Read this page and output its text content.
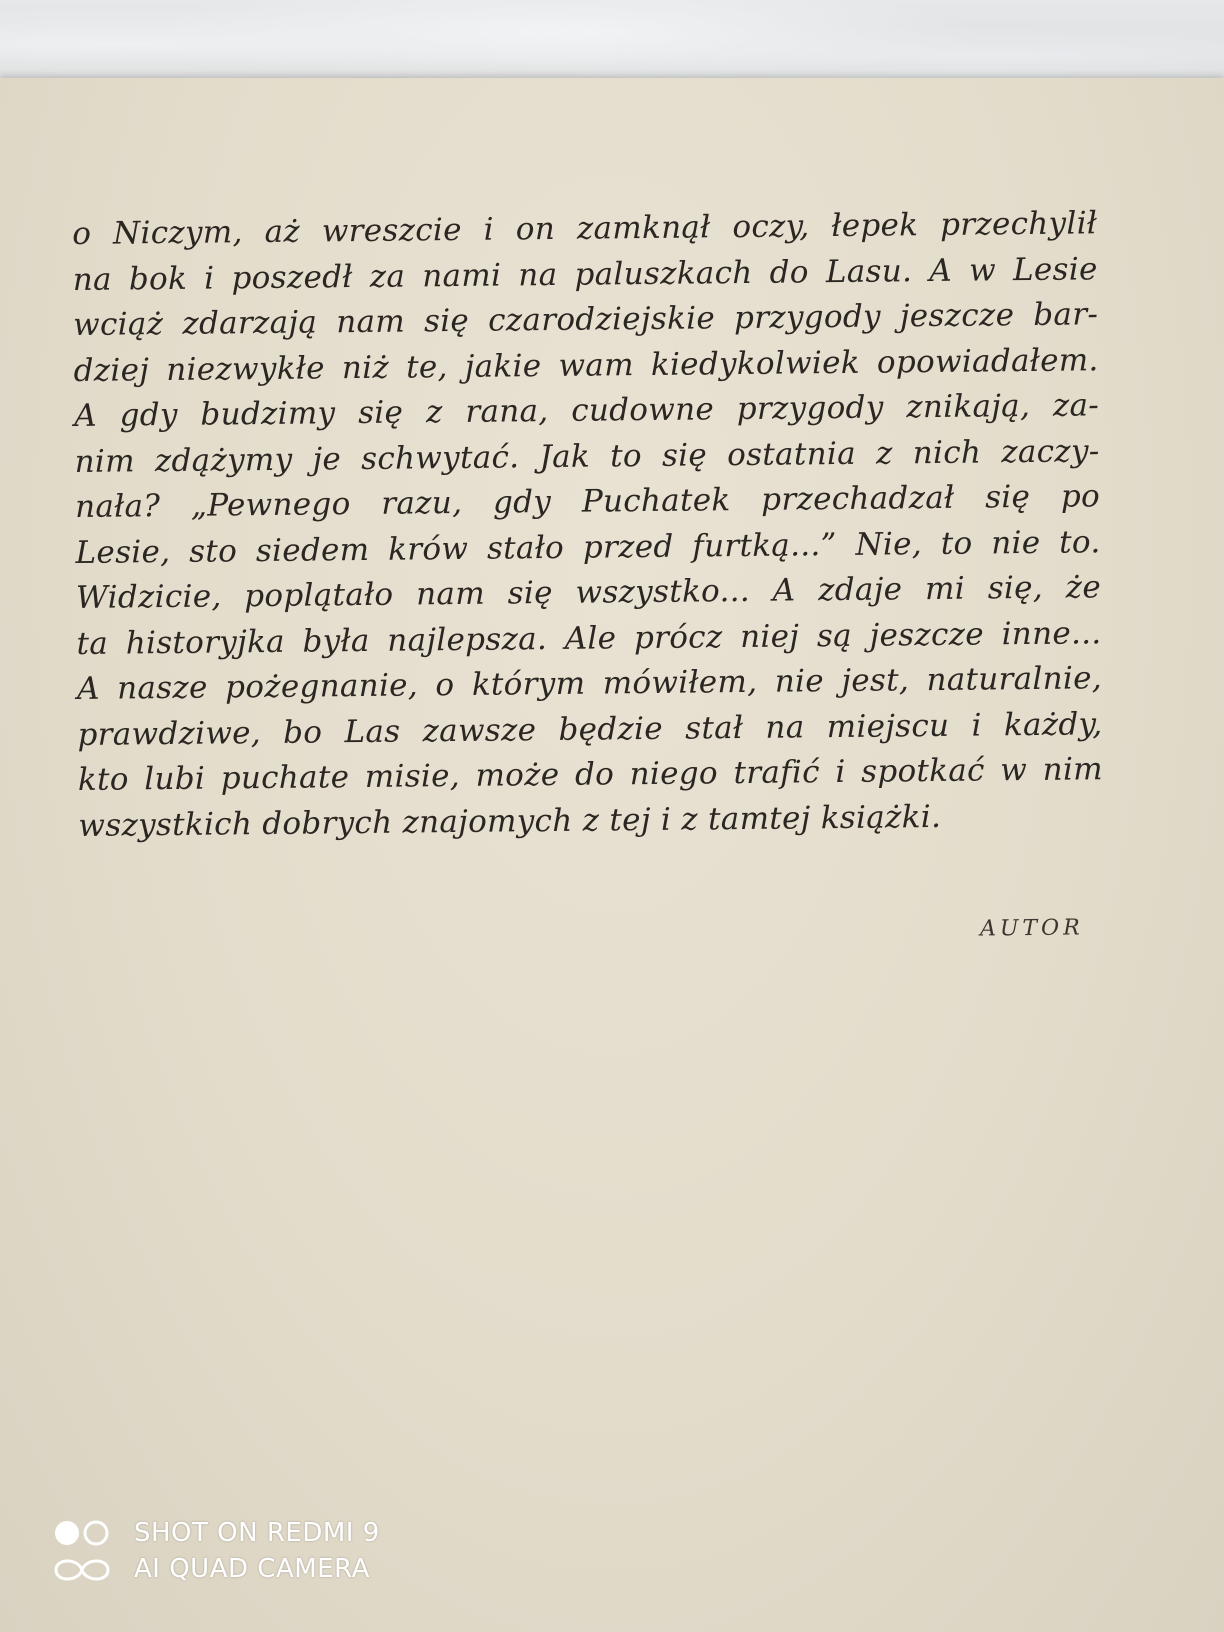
o Niczym, aż wreszcie i on zamknął oczy, łepek przechylił
na bok i poszedł za nami na paluszkach do Lasu. A w Lesie
wciąż zdarzają nam się czarodziejskie przygody jeszcze bar-
dziej niezwykłe niż te, jakie wam kiedykolwiek opowiadałem.
A gdy budzimy się z rana, cudowne przygody znikają, za-
nim zdążymy je schwytać. Jak to się ostatnia z nich zaczy-
nała? „Pewnego razu, gdy Puchatek przechadzał się po
Lesie, sto siedem krów stało przed furtką...” Nie, to nie to.
Widzicie, poplątało nam się wszystko... A zdaje mi się, że
ta historyjka była najlepsza. Ale prócz niej są jeszcze inne...
A nasze pożegnanie, o którym mówiłem, nie jest, naturalnie,
prawdziwe, bo Las zawsze będzie stał na miejscu i każdy,
kto lubi puchate misie, może do niego trafić i spotkać w nim
wszystkich dobrych znajomych z tej i z tamtej książki.
AUTOR
SHOT ON REDMI 9
AI QUAD CAMERA
